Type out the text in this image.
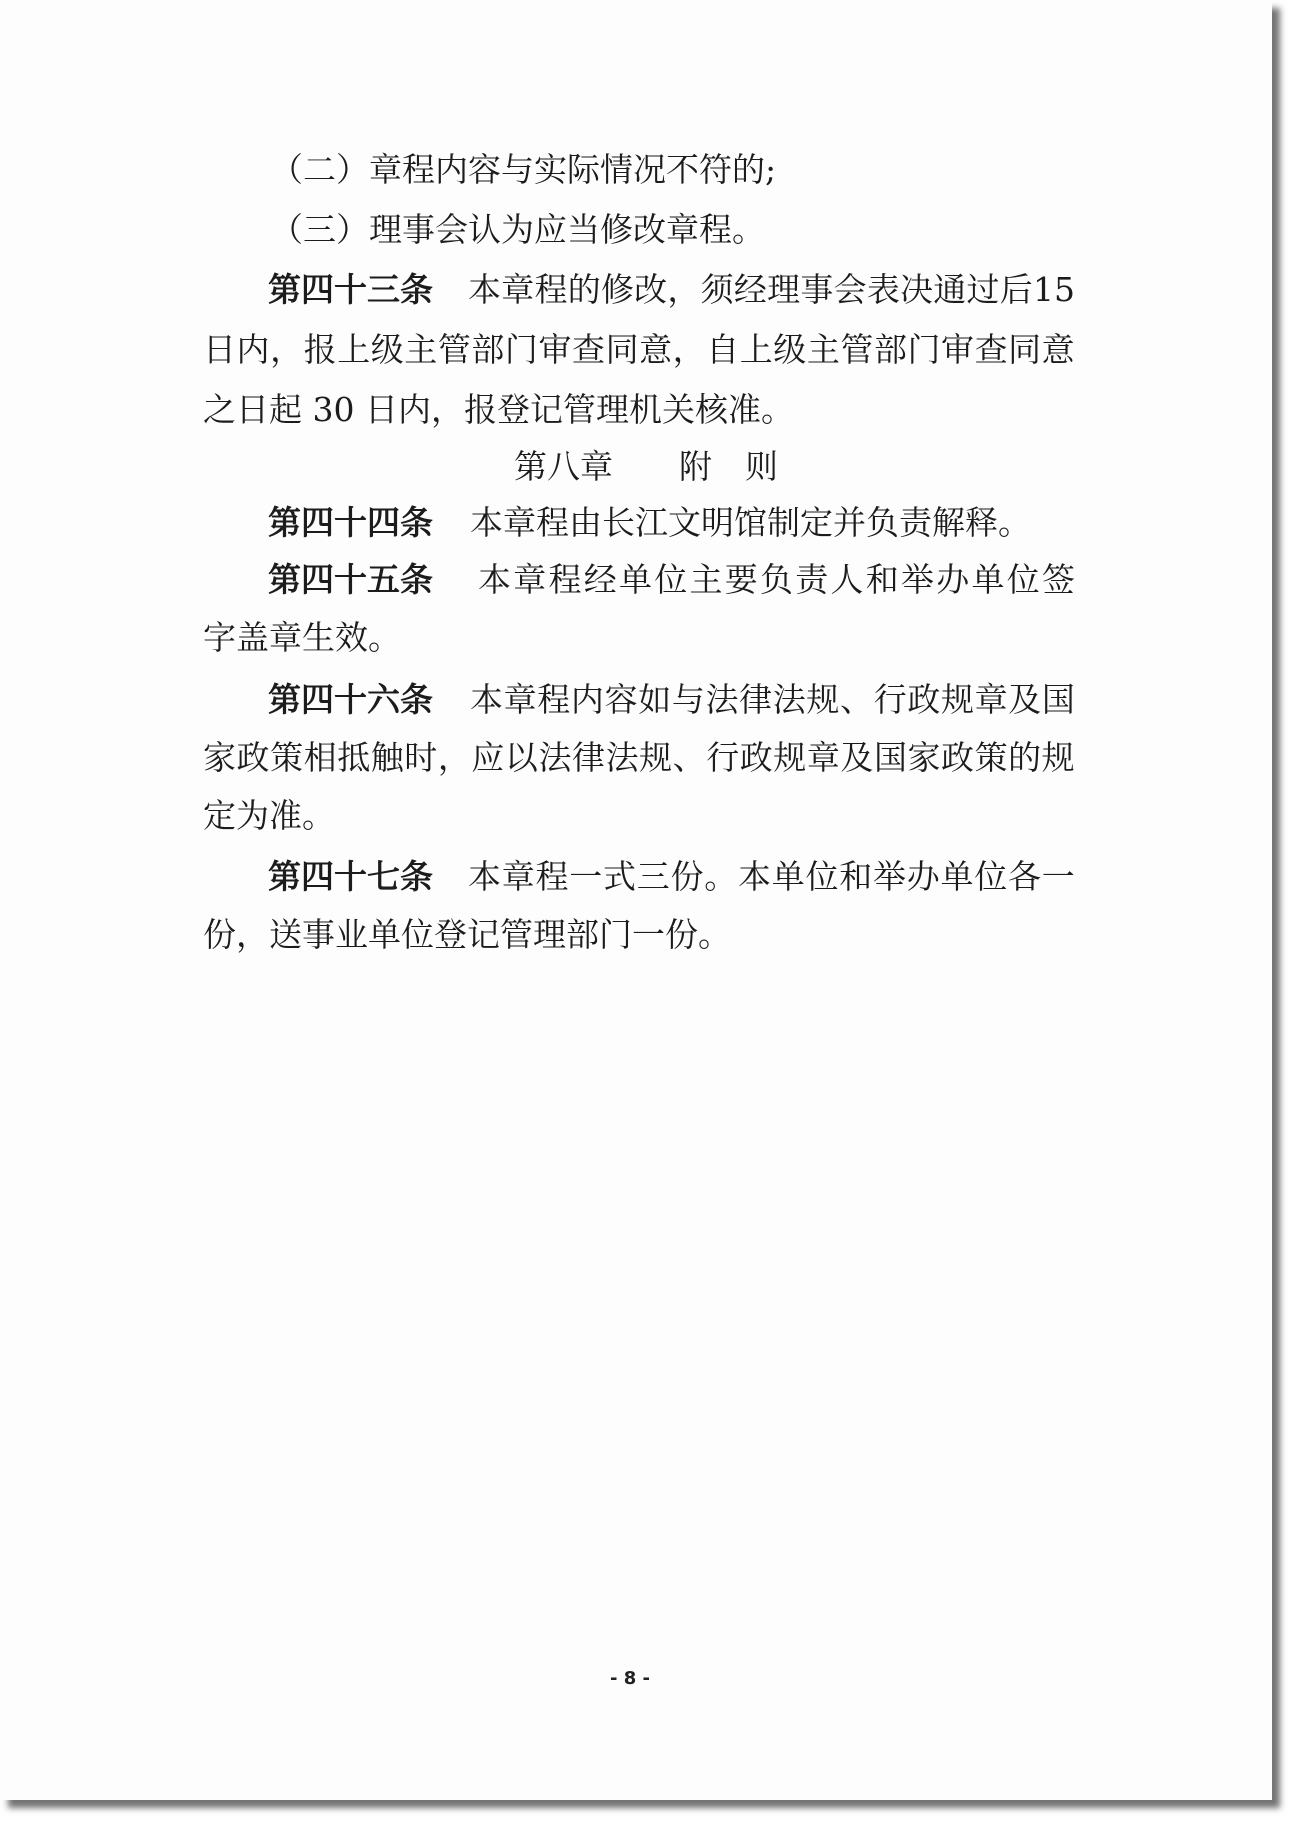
（二）章程内容与实际情况不符的;
（三）理事会认为应当修改章程。
第四十三条 本 章 程 的 修 改 ， 须 经 理 事 会 表 决 通 过 后 15
日 内 ， 报 上 级 主 管 部 门 审 查 同 意 ， 自 上 级 主 管 部 门 审 查 同 意
之日起 30 日内，报登记管理机关核准。
第八章　　附　则
第四十四条 本章程由长江文明馆制定并负责解释。
第四十五条 本 章 程 经 单 位 主 要 负 责 人 和 举 办 单 位 签
字盖章生效。
第四十六条 本 章 程 内 容 如 与 法 律 法 规 、 行 政 规 章 及 国
家 政 策 相 抵 触 时 ， 应 以 法 律 法 规 、 行 政 规 章 及 国 家 政 策 的 规
定为准。
第四十七条 本 章 程 一 式 三 份 。 本 单 位 和 举 办 单 位 各 一
份，送事业单位登记管理部门一份。
- 8 -
